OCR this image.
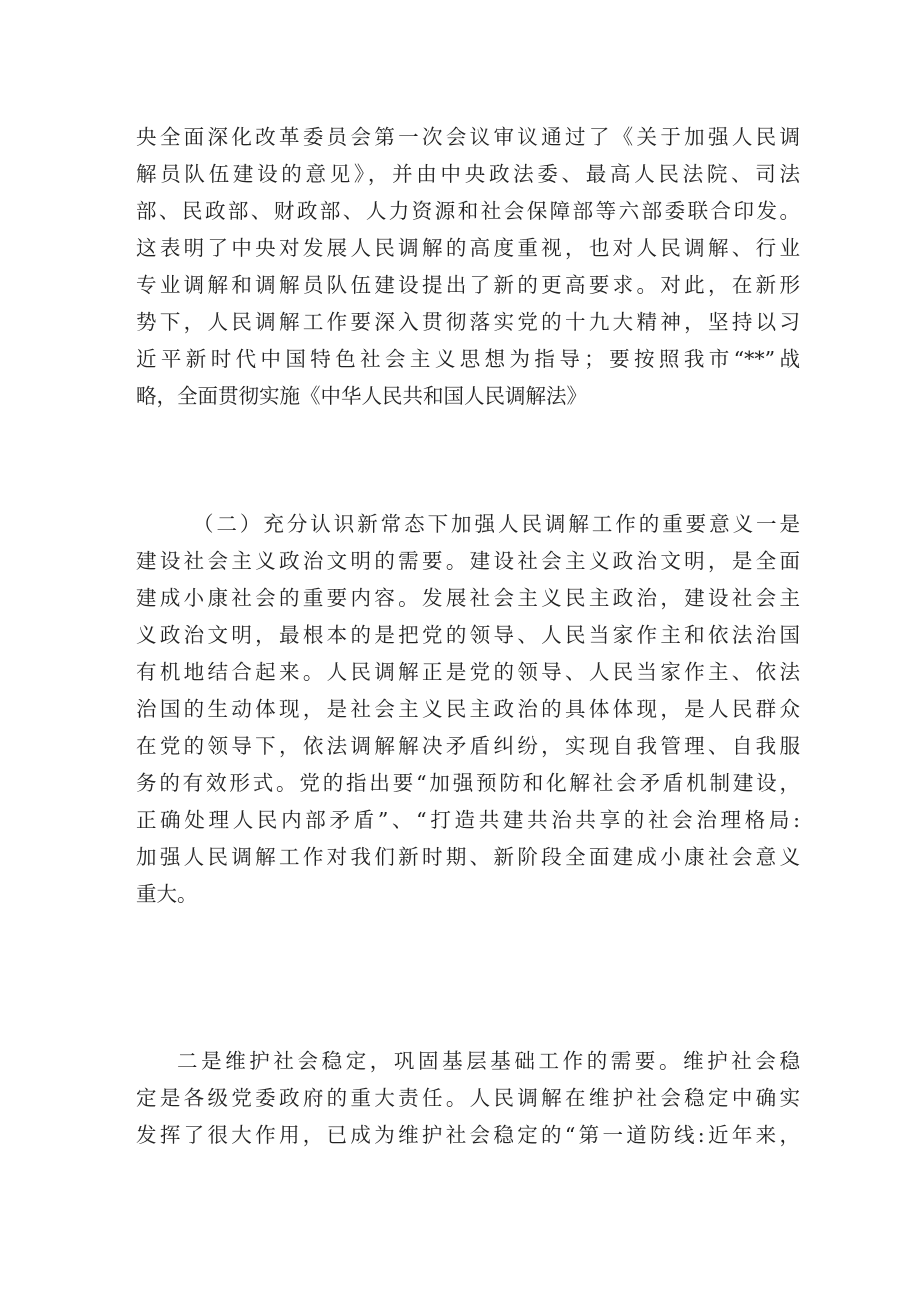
央全面深化改革委员会第一次会议审议通过了《关于加强人民调
解员队伍建设的意见》，并由中央政法委、最高人民法院、司法
部、民政部、财政部、人力资源和社会保障部等六部委联合印发。
这表明了中央对发展人民调解的高度重视，也对人民调解、行业
专业调解和调解员队伍建设提出了新的更高要求。对此，在新形
势下，人民调解工作要深入贯彻落实党的十九大精神，坚持以习
近平新时代中国特色社会主义思想为指导；要按照我市“**”战
略，全面贯彻实施《中华人民共和国人民调解法》
（二）充分认识新常态下加强人民调解工作的重要意义一是
建设社会主义政治文明的需要。建设社会主义政治文明，是全面
建成小康社会的重要内容。发展社会主义民主政治，建设社会主
义政治文明，最根本的是把党的领导、人民当家作主和依法治国
有机地结合起来。人民调解正是党的领导、人民当家作主、依法
治国的生动体现，是社会主义民主政治的具体体现，是人民群众
在党的领导下，依法调解解决矛盾纠纷，实现自我管理、自我服
务的有效形式。党的指出要“加强预防和化解社会矛盾机制建设，
正确处理人民内部矛盾”、“打造共建共治共享的社会治理格局:
加强人民调解工作对我们新时期、新阶段全面建成小康社会意义
重大。
二是维护社会稳定，巩固基层基础工作的需要。维护社会稳
定是各级党委政府的重大责任。人民调解在维护社会稳定中确实
发挥了很大作用，已成为维护社会稳定的“第一道防线:近年来，
